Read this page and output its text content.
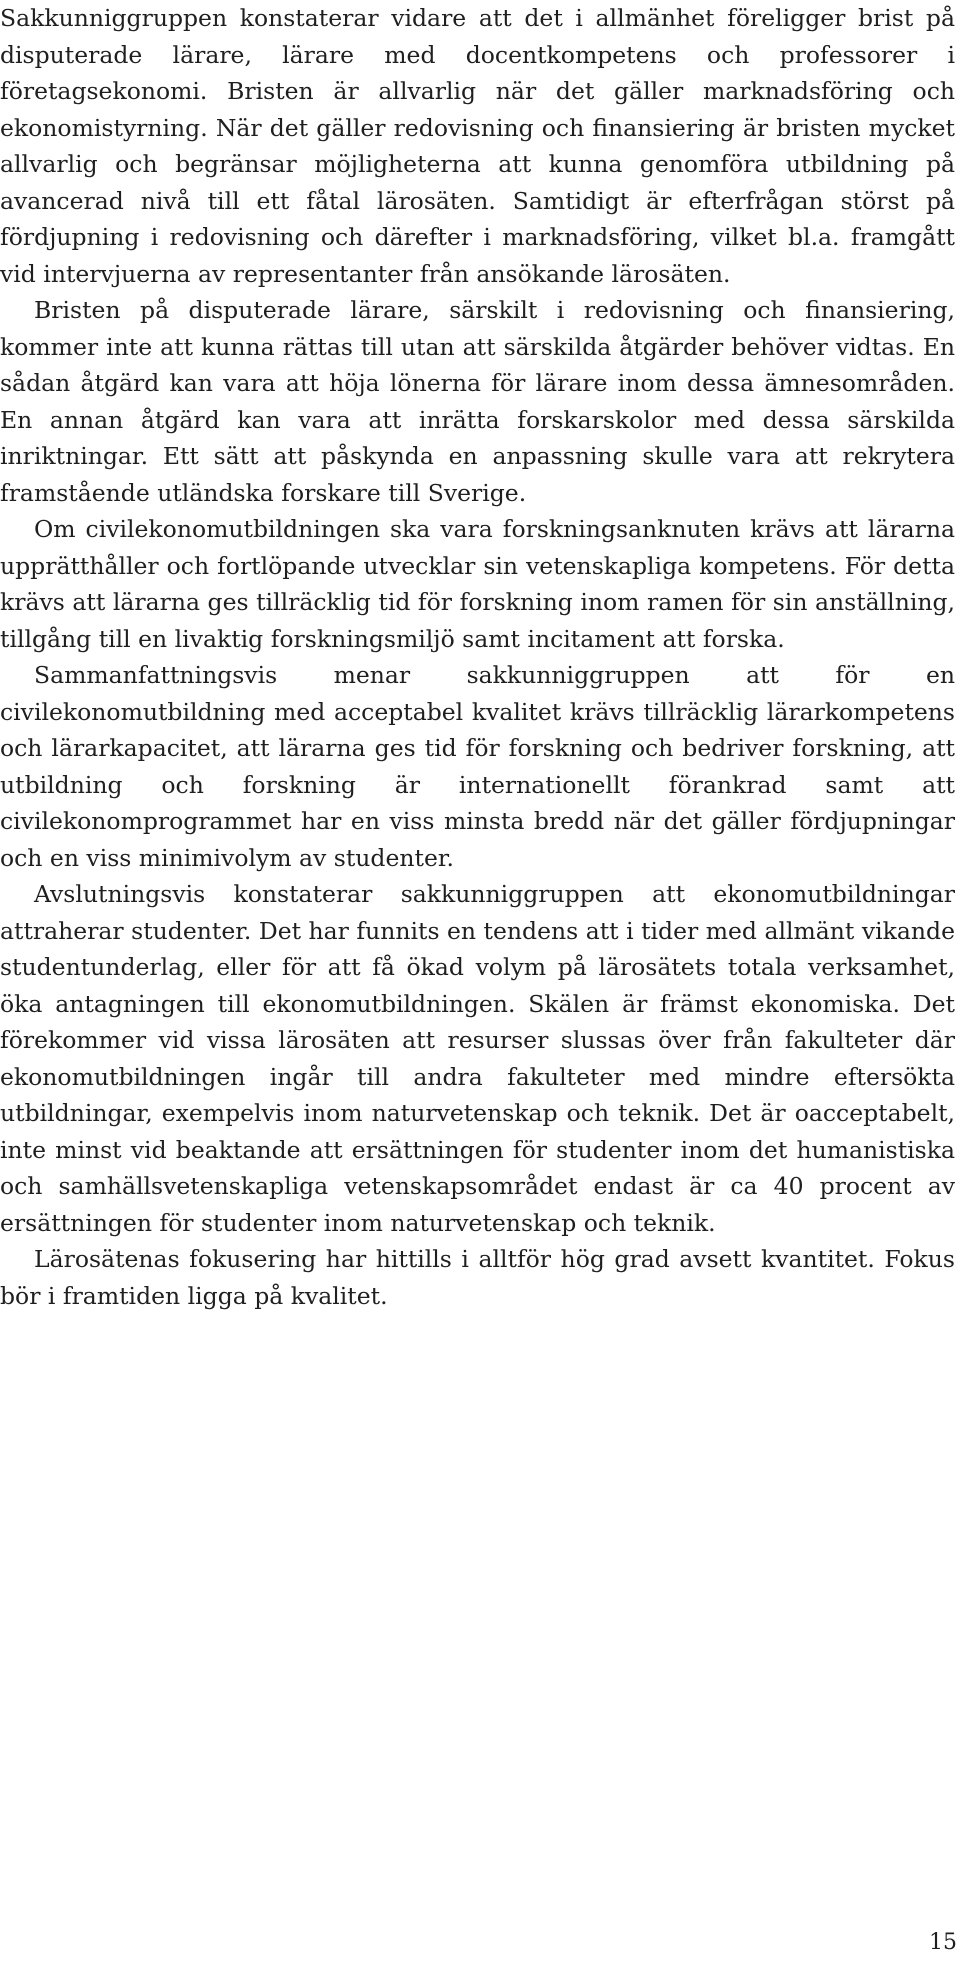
Sakkunniggruppen konstaterar vidare att det i allmänhet föreligger brist på disputerade lärare, lärare med docentkompetens och professorer i företagsekonomi. Bristen är allvarlig när det gäller marknadsföring och ekonomistyrning. När det gäller redovisning och finansiering är bristen mycket allvarlig och begränsar möjligheterna att kunna genomföra utbildning på avancerad nivå till ett fåtal lärosäten. Samtidigt är efterfrågan störst på fördjupning i redovisning och därefter i marknadsföring, vilket bl.a. framgått vid intervjuerna av representanter från ansökande lärosäten.

Bristen på disputerade lärare, särskilt i redovisning och finansiering, kommer inte att kunna rättas till utan att särskilda åtgärder behöver vidtas. En sådan åtgärd kan vara att höja lönerna för lärare inom dessa ämnesområden. En annan åtgärd kan vara att inrätta forskarskolor med dessa särskilda inriktningar. Ett sätt att påskynda en anpassning skulle vara att rekrytera framstående utländska forskare till Sverige.

Om civilekonomutbildningen ska vara forskningsanknuten krävs att lärarna upprätthåller och fortlöpande utvecklar sin vetenskapliga kompetens. För detta krävs att lärarna ges tillräcklig tid för forskning inom ramen för sin anställning, tillgång till en livaktig forskningsmiljö samt incitament att forska.

Sammanfattningsvis menar sakkunniggruppen att för en civilekonomutbildning med acceptabel kvalitet krävs tillräcklig lärarkompetens och lärarkapacitet, att lärarna ges tid för forskning och bedriver forskning, att utbildning och forskning är internationellt förankrad samt att civilekonomprogrammet har en viss minsta bredd när det gäller fördjupningar och en viss minimivolym av studenter.

Avslutningsvis konstaterar sakkunniggruppen att ekonomutbildningar attraherar studenter. Det har funnits en tendens att i tider med allmänt vikande studentunderlag, eller för att få ökad volym på lärosätets totala verksamhet, öka antagningen till ekonomutbildningen. Skälen är främst ekonomiska. Det förekommer vid vissa lärosäten att resurser slussas över från fakulteter där ekonomutbildningen ingår till andra fakulteter med mindre eftersökta utbildningar, exempelvis inom naturvetenskap och teknik. Det är oacceptabelt, inte minst vid beaktande att ersättningen för studenter inom det humanistiska och samhällsvetenskapliga vetenskapsområdet endast är ca 40 procent av ersättningen för studenter inom naturvetenskap och teknik.

Lärosätenas fokusering har hittills i alltför hög grad avsett kvantitet. Fokus bör i framtiden ligga på kvalitet.

15
